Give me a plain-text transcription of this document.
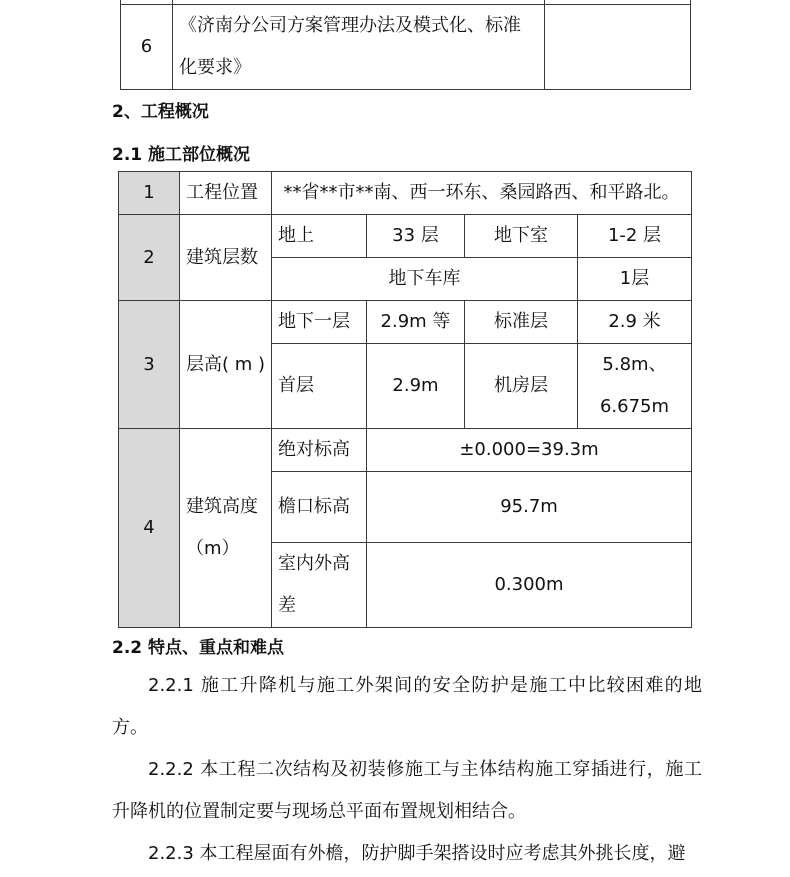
6	《济南分公司方案管理办法及模式化、标准化要求》	
2、工程概况
2.1 施工部位概况
1	工程位置	**省**市**南、西一环东、桑园路西、和平路北。			
2	建筑层数	地上	33 层	地下室	1-2 层
		地下车库			1层
3	层高( m )	地下一层	2.9m 等	标准层	2.9 米
		首层	2.9m	机房层	5.8m、6.675m
4	建筑高度（m）	绝对标高	±0.000=39.3m		
		檐口标高	95.7m		
		室内外高差	0.300m		
2.2 特点、重点和难点

2.2.1 施工升降机与施工外架间的安全防护是施工中比较困难的地方。

2.2.2 本工程二次结构及初装修施工与主体结构施工穿插进行，施工升降机的位置制定要与现场总平面布置规划相结合。

2.2.3 本工程屋面有外檐，防护脚手架搭设时应考虑其外挑长度，避
